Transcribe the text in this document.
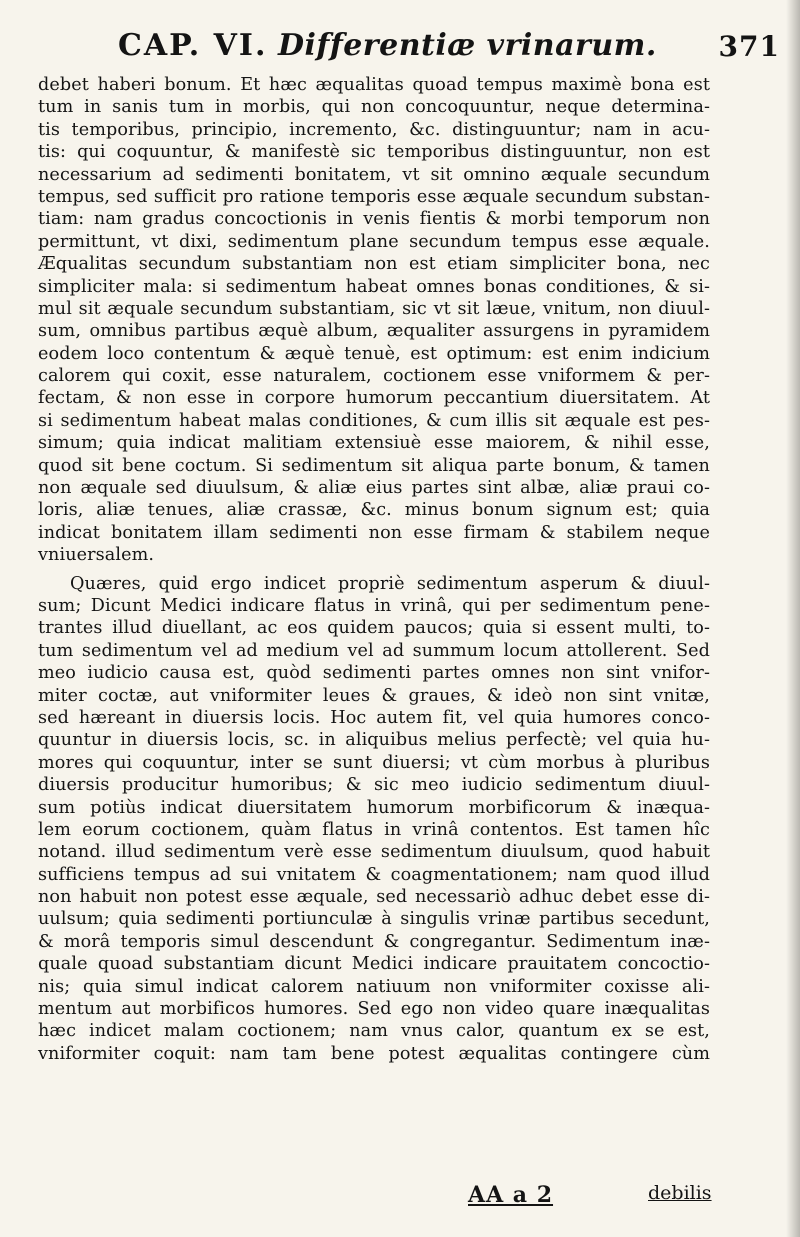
CAP. VI. Differentiæ vrinarum. 371
debet haberi bonum. Et hæc æqualitas quoad tempus maximè bona est
tum in sanis tum in morbis, qui non concoquuntur, neque determina-
tis temporibus, principio, incremento, &c. distinguuntur; nam in acu-
tis: qui coquuntur, & manifestè sic temporibus distinguuntur, non est
necessarium ad sedimenti bonitatem, vt sit omnino æquale secundum
tempus, sed sufficit pro ratione temporis esse æquale secundum substan-
tiam: nam gradus concoctionis in venis fientis & morbi temporum non
permittunt, vt dixi, sedimentum plane secundum tempus esse æquale.
Æqualitas secundum substantiam non est etiam simpliciter bona, nec
simpliciter mala: si sedimentum habeat omnes bonas conditiones, & si-
mul sit æquale secundum substantiam, sic vt sit læue, vnitum, non diuul-
sum, omnibus partibus æquè album, æqualiter assurgens in pyramidem
eodem loco contentum & æquè tenuè, est optimum: est enim indicium
calorem qui coxit, esse naturalem, coctionem esse vniformem & per-
fectam, & non esse in corpore humorum peccantium diuersitatem. At
si sedimentum habeat malas conditiones, & cum illis sit æquale est pes-
simum; quia indicat malitiam extensiuè esse maiorem, & nihil esse,
quod sit bene coctum. Si sedimentum sit aliqua parte bonum, & tamen
non æquale sed diuulsum, & aliæ eius partes sint albæ, aliæ praui co-
loris, aliæ tenues, aliæ crassæ, &c. minus bonum signum est; quia
indicat bonitatem illam sedimenti non esse firmam & stabilem neque
vniuersalem.
Quæres, quid ergo indicet propriè sedimentum asperum & diuul-
sum; Dicunt Medici indicare flatus in vrinâ, qui per sedimentum pene-
trantes illud diuellant, ac eos quidem paucos; quia si essent multi, to-
tum sedimentum vel ad medium vel ad summum locum attollerent. Sed
meo iudicio causa est, quòd sedimenti partes omnes non sint vnifor-
miter coctæ, aut vniformiter leues & graues, & ideò non sint vnitæ,
sed hæreant in diuersis locis. Hoc autem fit, vel quia humores conco-
quuntur in diuersis locis, sc. in aliquibus melius perfectè; vel quia hu-
mores qui coquuntur, inter se sunt diuersi; vt cùm morbus à pluribus
diuersis producitur humoribus; & sic meo iudicio sedimentum diuul-
sum potiùs indicat diuersitatem humorum morbificorum & inæqua-
lem eorum coctionem, quàm flatus in vrinâ contentos. Est tamen hîc
notand. illud sedimentum verè esse sedimentum diuulsum, quod habuit
sufficiens tempus ad sui vnitatem & coagmentationem; nam quod illud
non habuit non potest esse æquale, sed necessariò adhuc debet esse di-
uulsum; quia sedimenti portiunculæ à singulis vrinæ partibus secedunt,
& morâ temporis simul descendunt & congregantur. Sedimentum inæ-
quale quoad substantiam dicunt Medici indicare prauitatem concoctio-
nis; quia simul indicat calorem natiuum non vniformiter coxisse ali-
mentum aut morbificos humores. Sed ego non video quare inæqualitas
hæc indicet malam coctionem; nam vnus calor, quantum ex se est,
vniformiter coquit: nam tam bene potest æqualitas contingere cùm
AA a 2	debilis
